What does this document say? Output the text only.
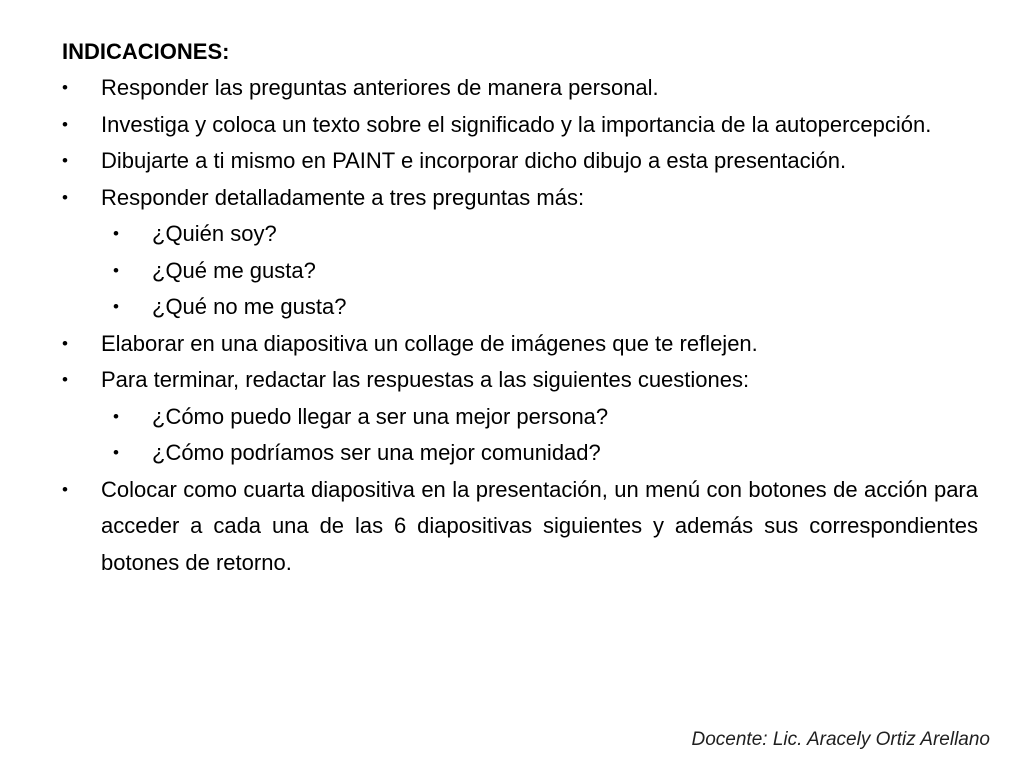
INDICACIONES:
• Responder las preguntas anteriores de manera personal.
• Investiga y coloca un texto sobre el significado y la importancia de la autopercepción.
• Dibujarte a ti mismo en PAINT e incorporar dicho dibujo a esta presentación.
• Responder detalladamente a tres preguntas más:
• ¿Quién soy?
• ¿Qué me gusta?
• ¿Qué no me gusta?
• Elaborar en una diapositiva un collage de imágenes que te reflejen.
• Para terminar, redactar las respuestas a las siguientes cuestiones:
• ¿Cómo puedo llegar a ser una mejor persona?
• ¿Cómo podríamos ser una mejor comunidad?
• Colocar como cuarta diapositiva en la presentación, un menú con botones de acción para acceder a cada una de las 6 diapositivas siguientes y además sus correspondientes botones de retorno.
Docente: Lic. Aracely Ortiz Arellano
